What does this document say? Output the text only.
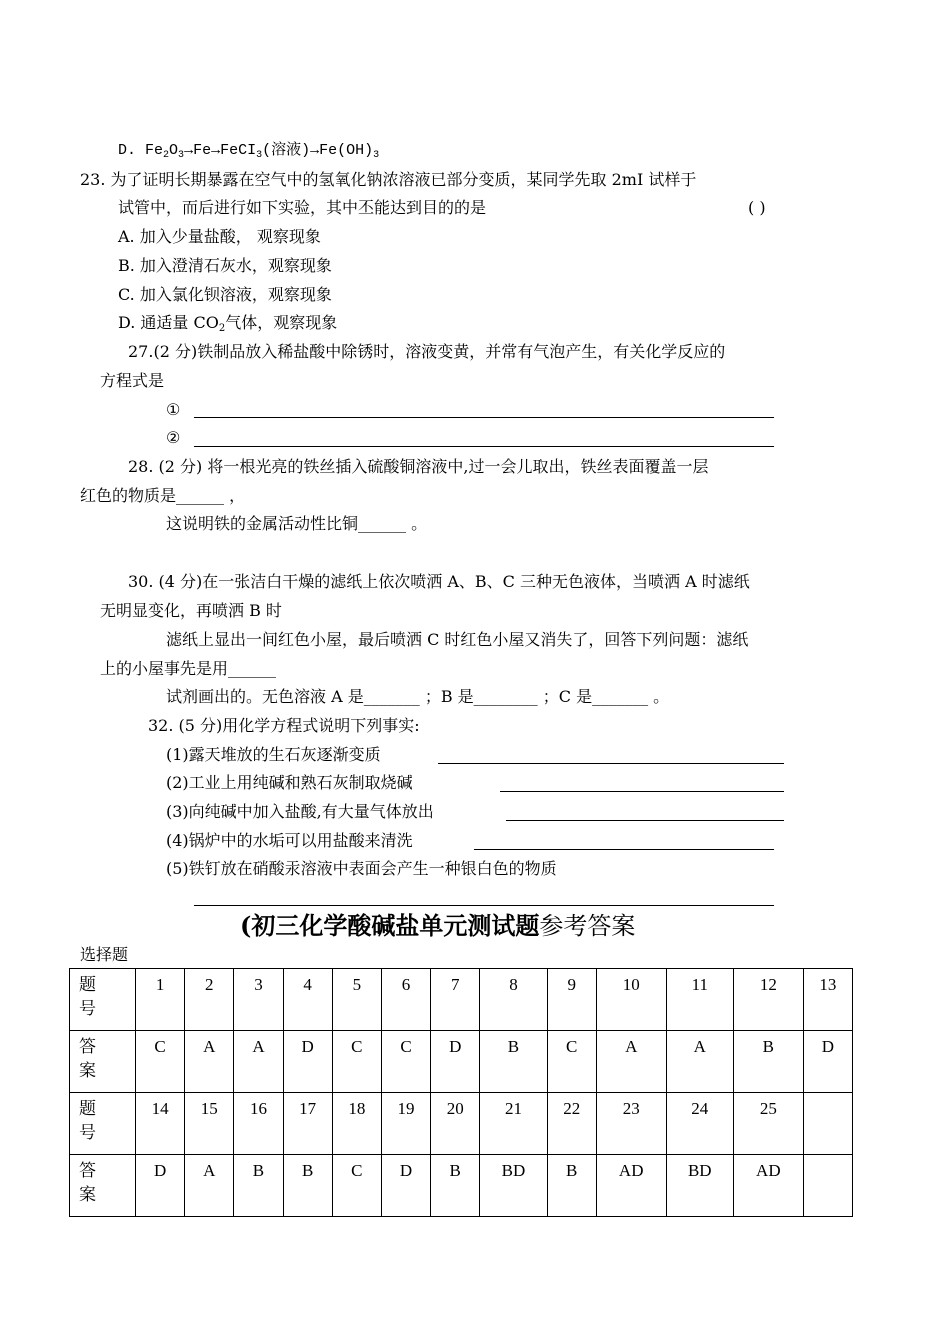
D. $Fe_2O_3\to Fe\to FeCI_3$(溶液)$\to Fe(OH)_3$
23. 为了证明长期暴露在空气中的氢氧化钠浓溶液已部分变质，某同学先取 2mI 试样于
试管中，而后进行如下实验，其中丕能达到目的的是	( )
A. 加入少量盐酸， 观察现象
B. 加入澄清石灰水，观察现象
C. 加入氯化钡溶液，观察现象
D. 通适量 $CO_2$气体，观察现象
27.(2 分)铁制品放入稀盐酸中除锈时，溶液变黄，并常有气泡产生，有关化学反应的
方程式是
①
②
28. (2 分) 将一根光亮的铁丝插入硫酸铜溶液中,过一会儿取出，铁丝表面覆盖一层
红色的物质是______ ，
这说明铁的金属活动性比铜______ 。
30. (4 分)在一张洁白干燥的滤纸上依次喷洒 A、B、C 三种无色液体，当喷洒 A 时滤纸
无明显变化，再喷洒 B 时
滤纸上显出一间红色小屋，最后喷洒 C 时红色小屋又消失了，回答下列问题：滤纸
上的小屋事先是用______
试剂画出的。无色溶液 A 是_______ ；B 是________ ；C 是_______ 。
32. (5 分)用化学方程式说明下列事实:
(1)露天堆放的生石灰逐渐变质
(2)工业上用纯碱和熟石灰制取烧碱
(3)向纯碱中加入盐酸,有大量气体放出
(4)锅炉中的水垢可以用盐酸来清洗
(5)铁钉放在硝酸汞溶液中表面会产生一种银白色的物质
(初三化学酸碱盐单元测试题参考答案
选择题
题
号	1	2	3	4	5	6	7	8	9	10	11	12	13
答
案	C	A	A	D	C	C	D	B	C	A	A	B	D
题
号	14	15	16	17	18	19	20	21	22	23	24	25	
答
案	D	A	B	B	C	D	B	BD	B	AD	BD	AD	
